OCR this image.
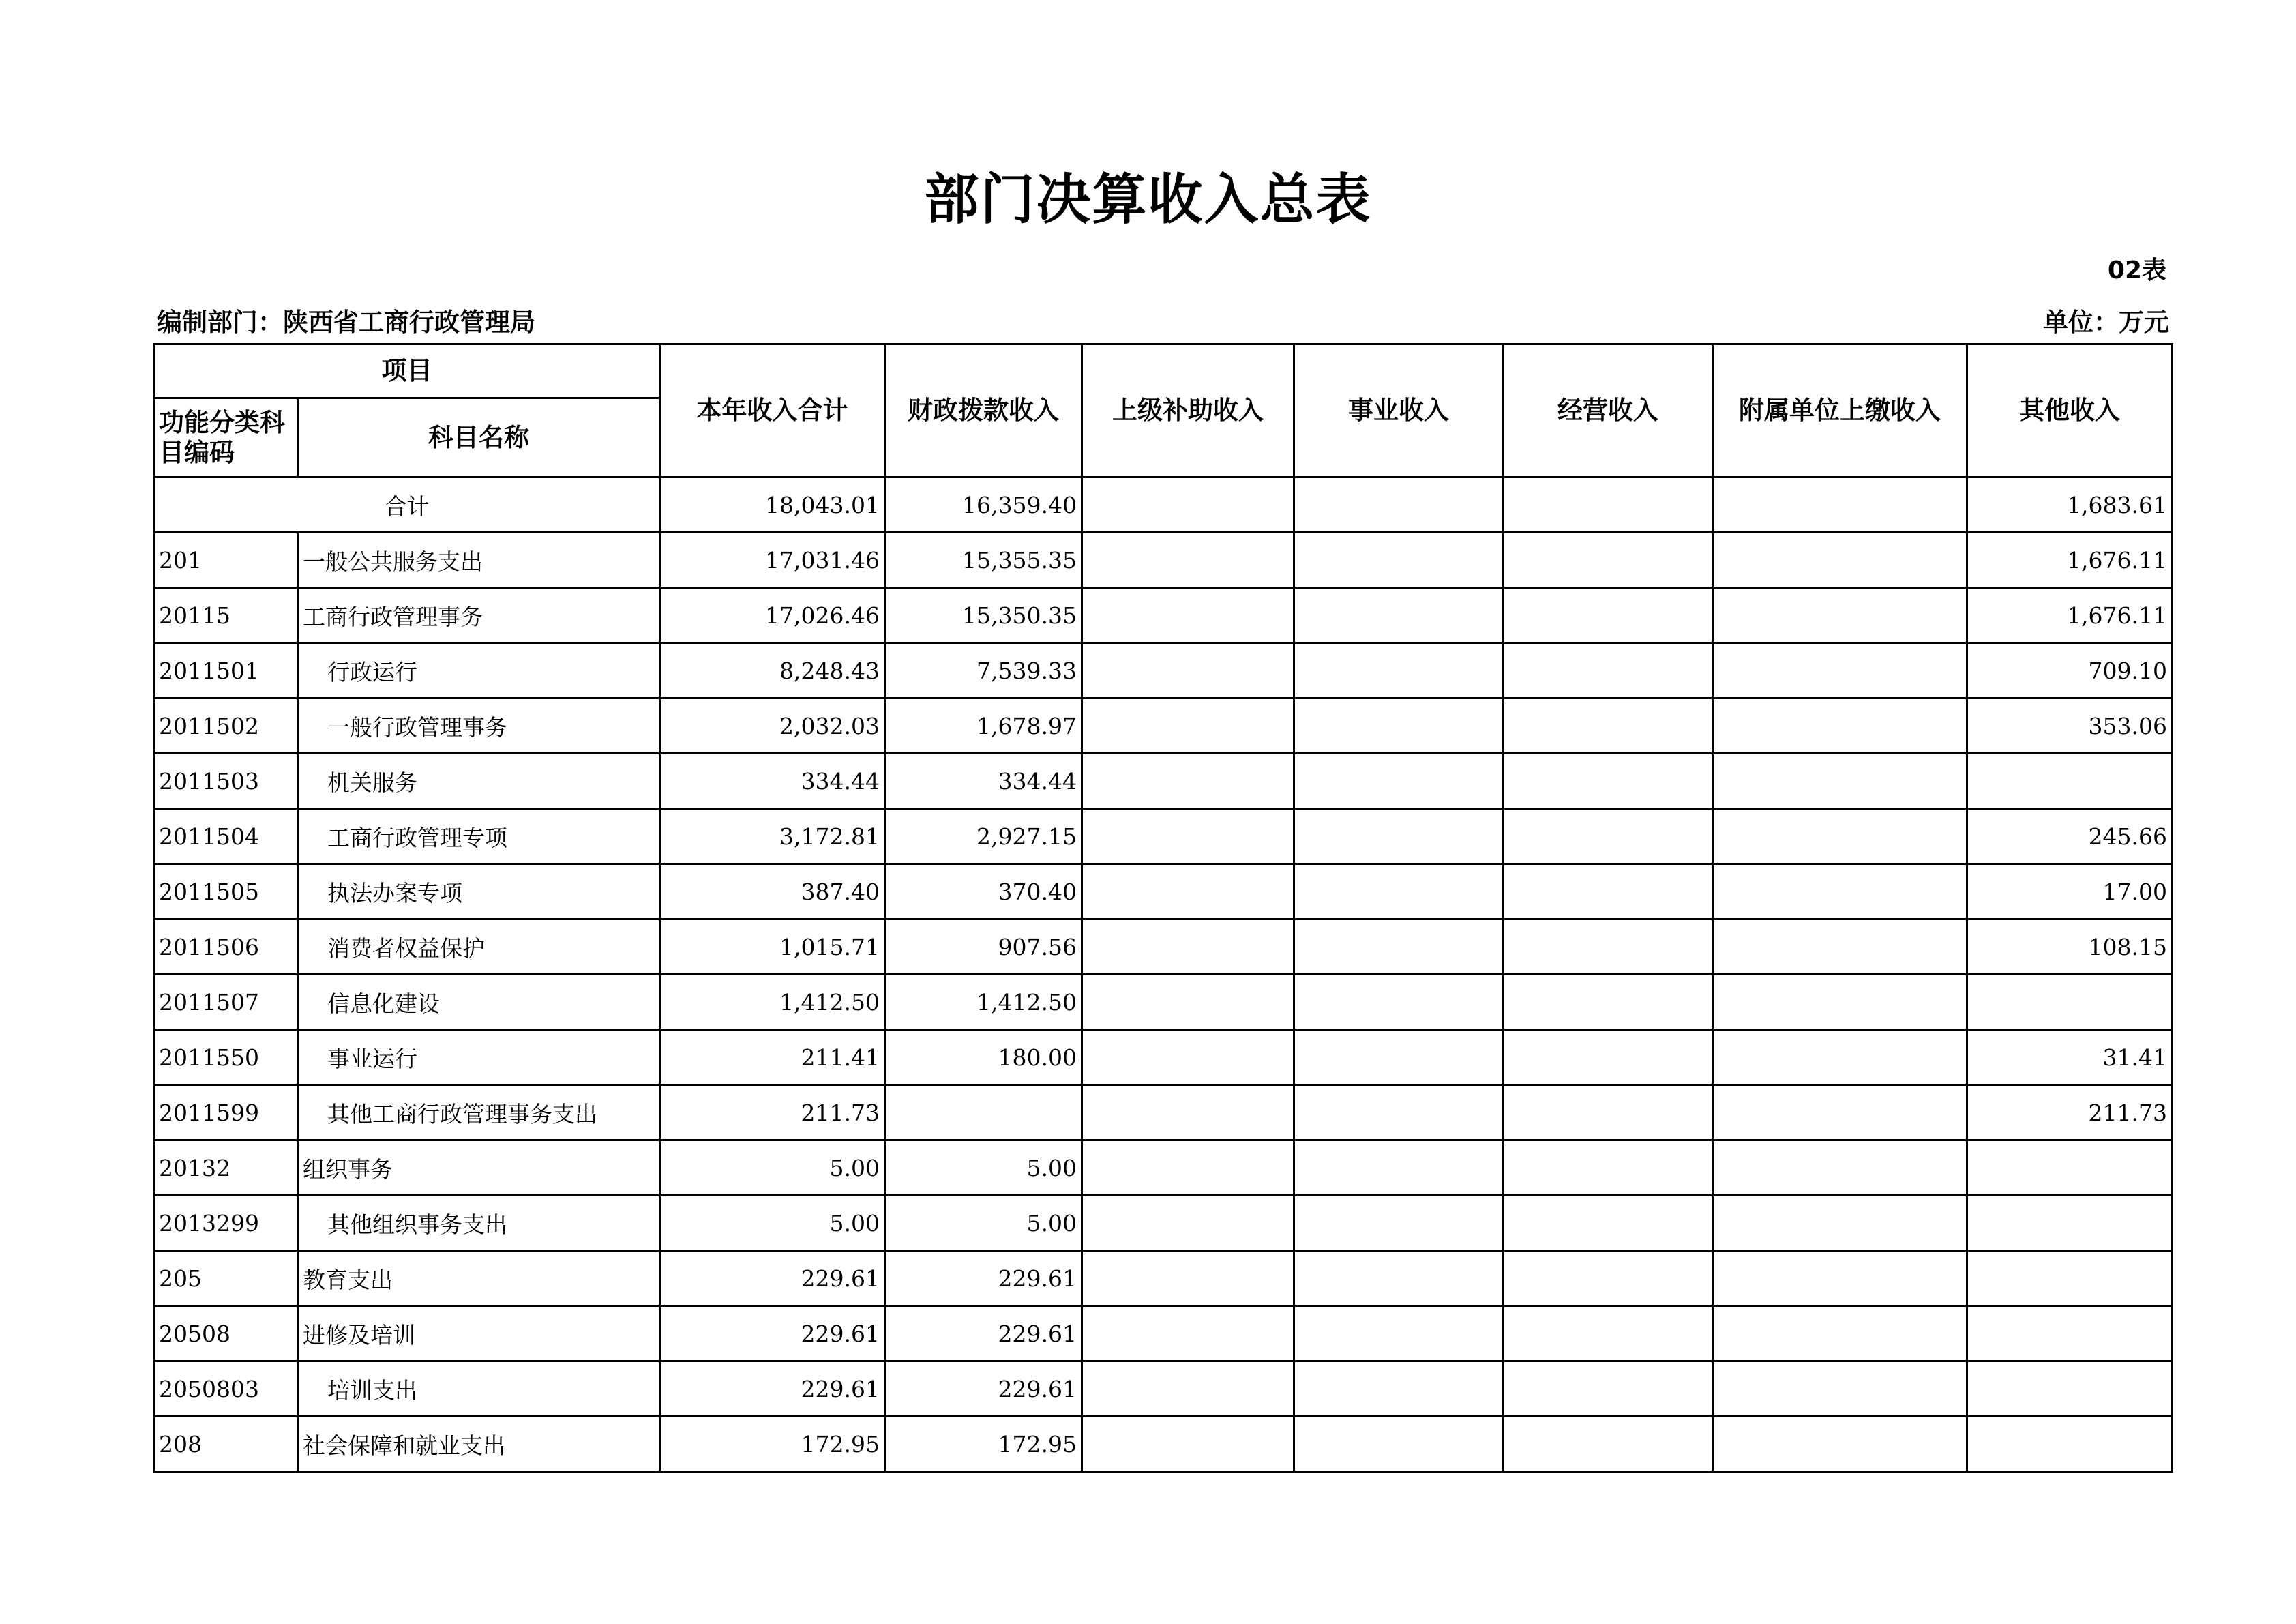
部门决算收入总表
02表
编制部门：陕西省工商行政管理局	单位：万元
项目		本年收入合计	财政拨款收入	上级补助收入	事业收入	经营收入	附属单位上缴收入	其他收入
功能分类科目编码	科目名称							
合计		18,043.01	16,359.40					1,683.61
201	一般公共服务支出	17,031.46	15,355.35					1,676.11
20115	工商行政管理事务	17,026.46	15,350.35					1,676.11
2011501	行政运行	8,248.43	7,539.33					709.10
2011502	一般行政管理事务	2,032.03	1,678.97					353.06
2011503	机关服务	334.44	334.44					
2011504	工商行政管理专项	3,172.81	2,927.15					245.66
2011505	执法办案专项	387.40	370.40					17.00
2011506	消费者权益保护	1,015.71	907.56					108.15
2011507	信息化建设	1,412.50	1,412.50					
2011550	事业运行	211.41	180.00					31.41
2011599	其他工商行政管理事务支出	211.73						211.73
20132	组织事务	5.00	5.00					
2013299	其他组织事务支出	5.00	5.00					
205	教育支出	229.61	229.61					
20508	进修及培训	229.61	229.61					
2050803	培训支出	229.61	229.61					
208	社会保障和就业支出	172.95	172.95					
